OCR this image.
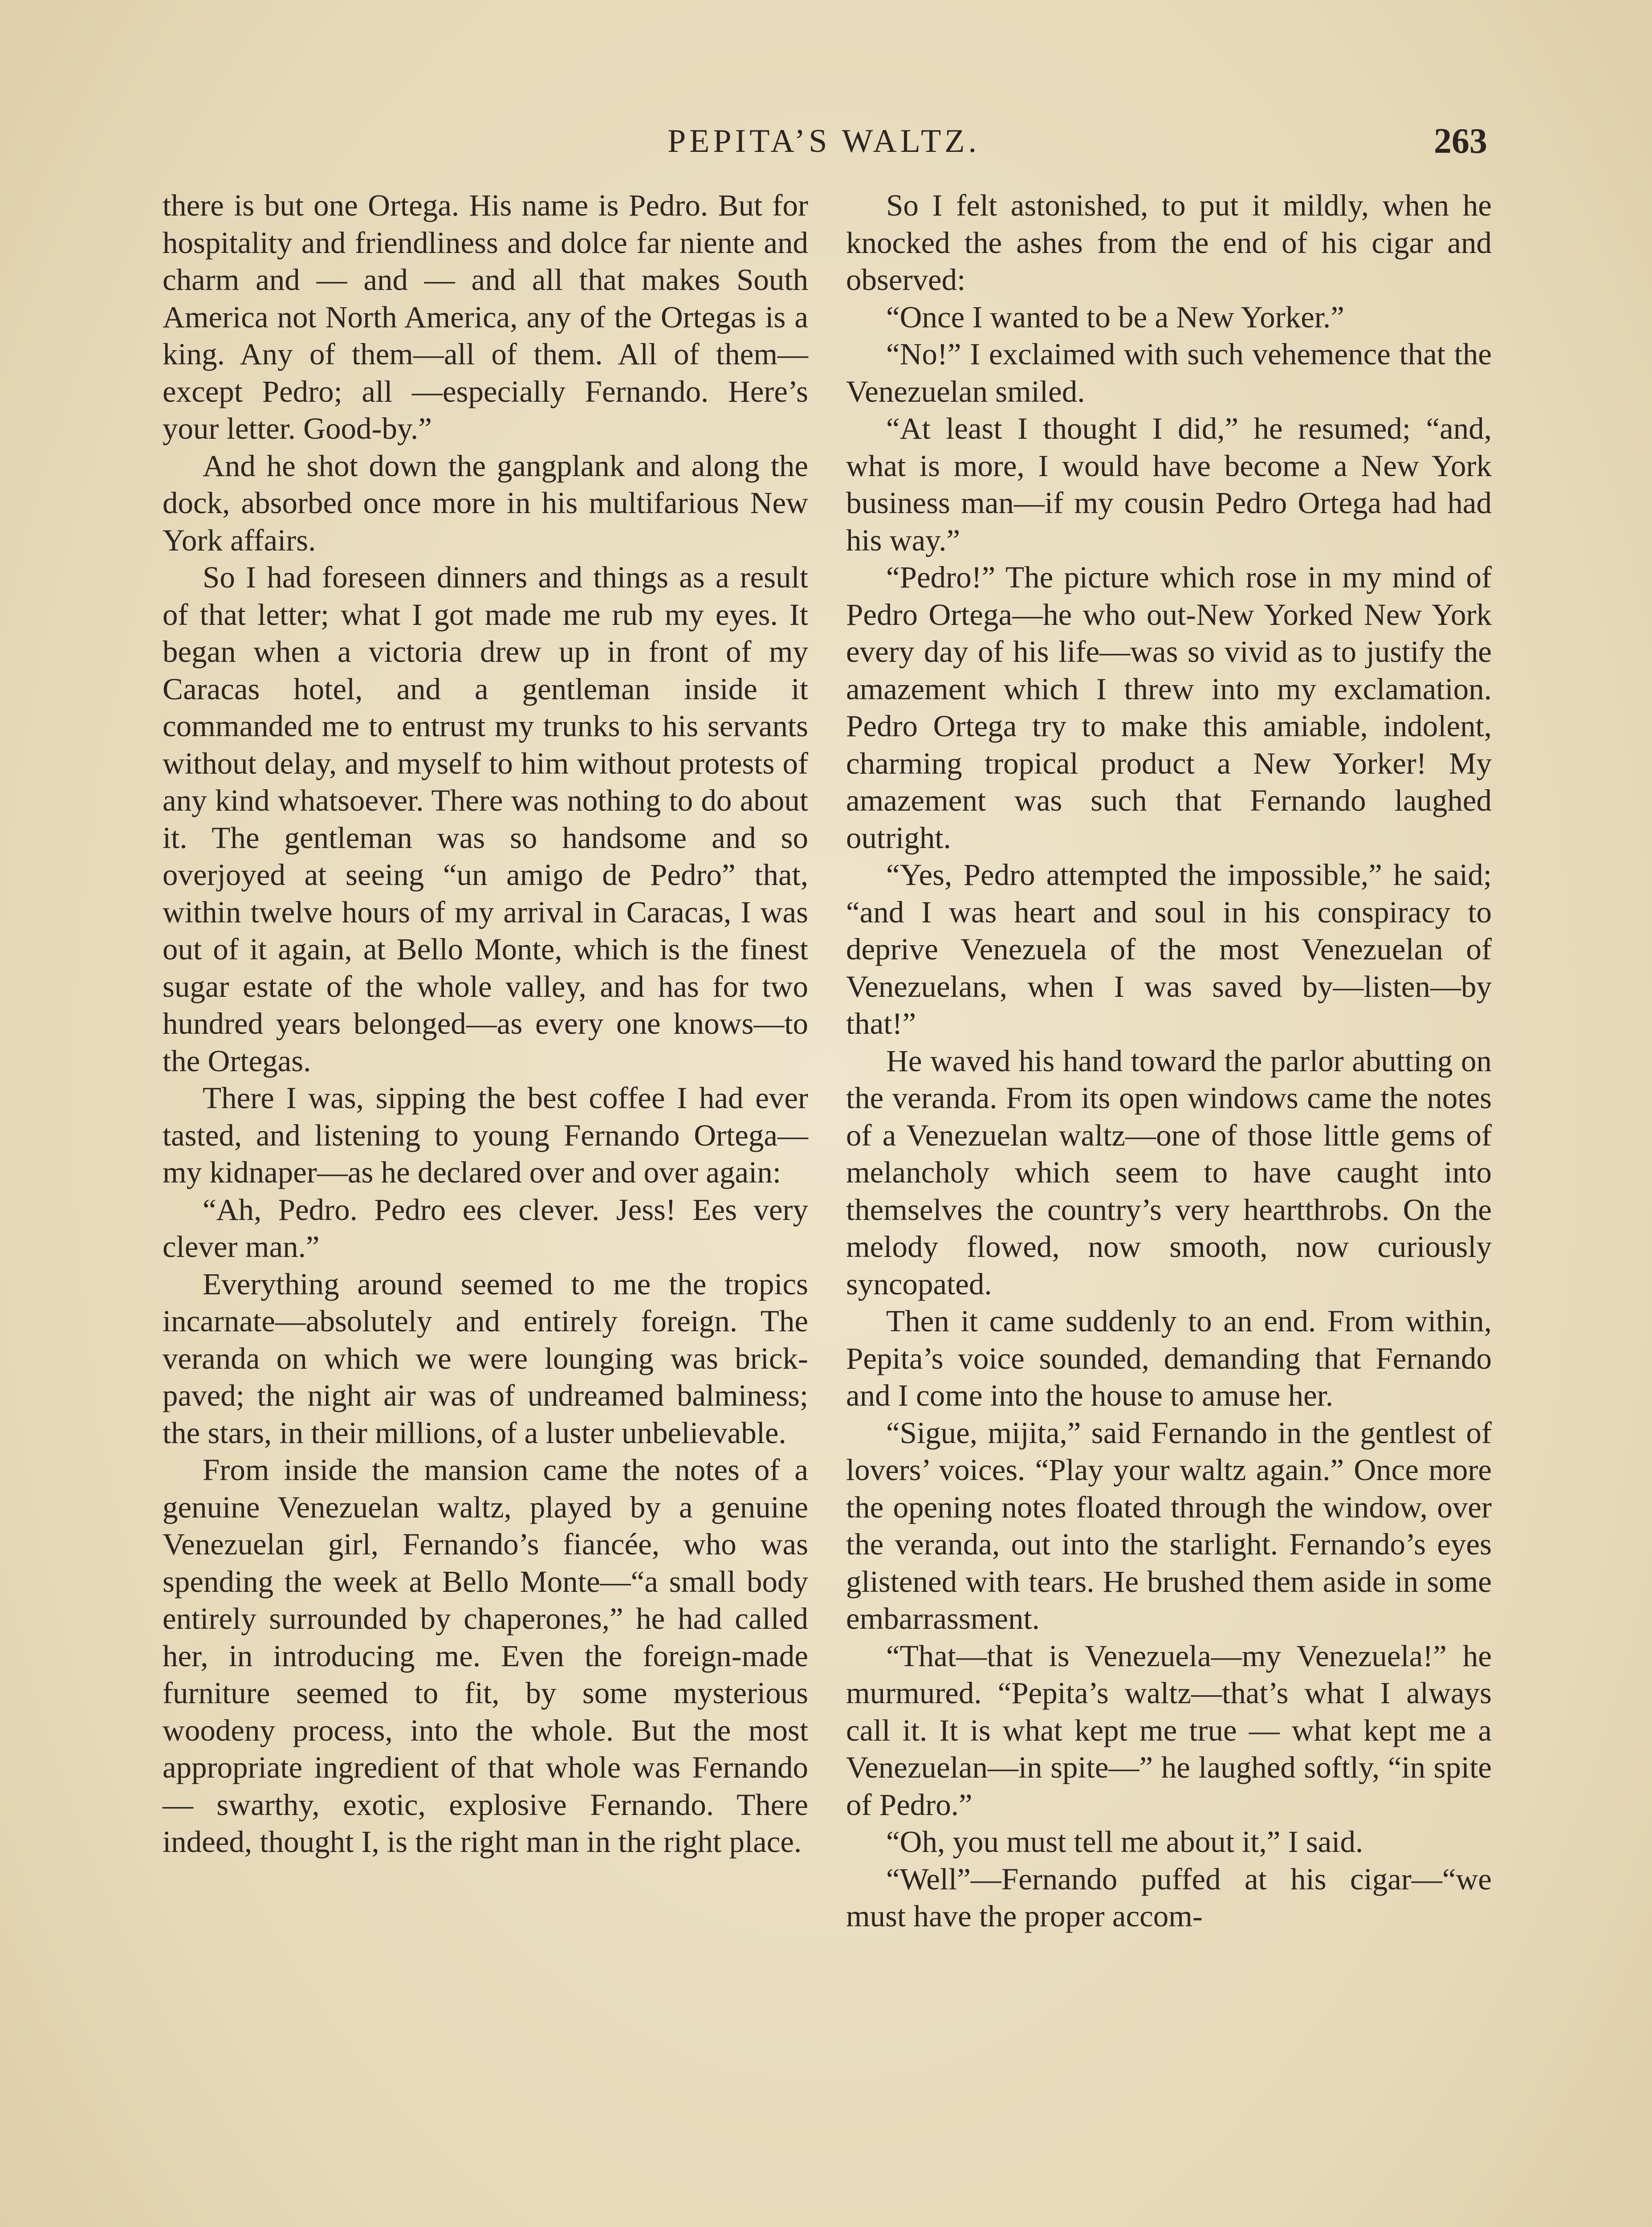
PEPITA’S WALTZ.	263

there is but one Ortega. His name is Pedro. But for hospitality and friendliness and dolce far niente and charm and — and — and all that makes South America not North America, any of the Ortegas is a king. Any of them—all of them. All of them—except Pedro; all —especially Fernando. Here’s your letter. Good-by.”

And he shot down the gangplank and along the dock, absorbed once more in his multifarious New York affairs.

So I had foreseen dinners and things as a result of that letter; what I got made me rub my eyes. It began when a victoria drew up in front of my Caracas hotel, and a gentleman inside it commanded me to entrust my trunks to his servants without delay, and myself to him without protests of any kind whatsoever. There was nothing to do about it. The gentleman was so handsome and so overjoyed at seeing “un amigo de Pedro” that, within twelve hours of my arrival in Caracas, I was out of it again, at Bello Monte, which is the finest sugar estate of the whole valley, and has for two hundred years belonged—as every one knows—to the Ortegas.

There I was, sipping the best coffee I had ever tasted, and listening to young Fernando Ortega—my kidnaper—as he declared over and over again:

“Ah, Pedro. Pedro ees clever. Jess! Ees very clever man.”

Everything around seemed to me the tropics incarnate—absolutely and entirely foreign. The veranda on which we were lounging was brick-paved; the night air was of undreamed balminess; the stars, in their millions, of a luster unbelievable.

From inside the mansion came the notes of a genuine Venezuelan waltz, played by a genuine Venezuelan girl, Fernando’s fiancée, who was spending the week at Bello Monte—“a small body entirely surrounded by chaperones,” he had called her, in introducing me. Even the foreign-made furniture seemed to fit, by some mysterious woodeny process, into the whole. But the most appropriate ingredient of that whole was Fernando — swarthy, exotic, explosive Fernando. There indeed, thought I, is the right man in the right place.

So I felt astonished, to put it mildly, when he knocked the ashes from the end of his cigar and observed:

“Once I wanted to be a New Yorker.”

“No!” I exclaimed with such vehemence that the Venezuelan smiled.

“At least I thought I did,” he resumed; “and, what is more, I would have become a New York business man—if my cousin Pedro Ortega had had his way.”

“Pedro!” The picture which rose in my mind of Pedro Ortega—he who out-New Yorked New York every day of his life—was so vivid as to justify the amazement which I threw into my exclamation. Pedro Ortega try to make this amiable, indolent, charming tropical product a New Yorker! My amazement was such that Fernando laughed outright.

“Yes, Pedro attempted the impossible,” he said; “and I was heart and soul in his conspiracy to deprive Venezuela of the most Venezuelan of Venezuelans, when I was saved by—listen—by that!”

He waved his hand toward the parlor abutting on the veranda. From its open windows came the notes of a Venezuelan waltz—one of those little gems of melancholy which seem to have caught into themselves the country’s very heartthrobs. On the melody flowed, now smooth, now curiously syncopated.

Then it came suddenly to an end. From within, Pepita’s voice sounded, demanding that Fernando and I come into the house to amuse her.

“Sigue, mijita,” said Fernando in the gentlest of lovers’ voices. “Play your waltz again.” Once more the opening notes floated through the window, over the veranda, out into the starlight. Fernando’s eyes glistened with tears. He brushed them aside in some embarrassment.

“That—that is Venezuela—my Venezuela!” he murmured. “Pepita’s waltz—that’s what I always call it. It is what kept me true — what kept me a Venezuelan—in spite—” he laughed softly, “in spite of Pedro.”

“Oh, you must tell me about it,” I said.

“Well”—Fernando puffed at his cigar—“we must have the proper accom-
